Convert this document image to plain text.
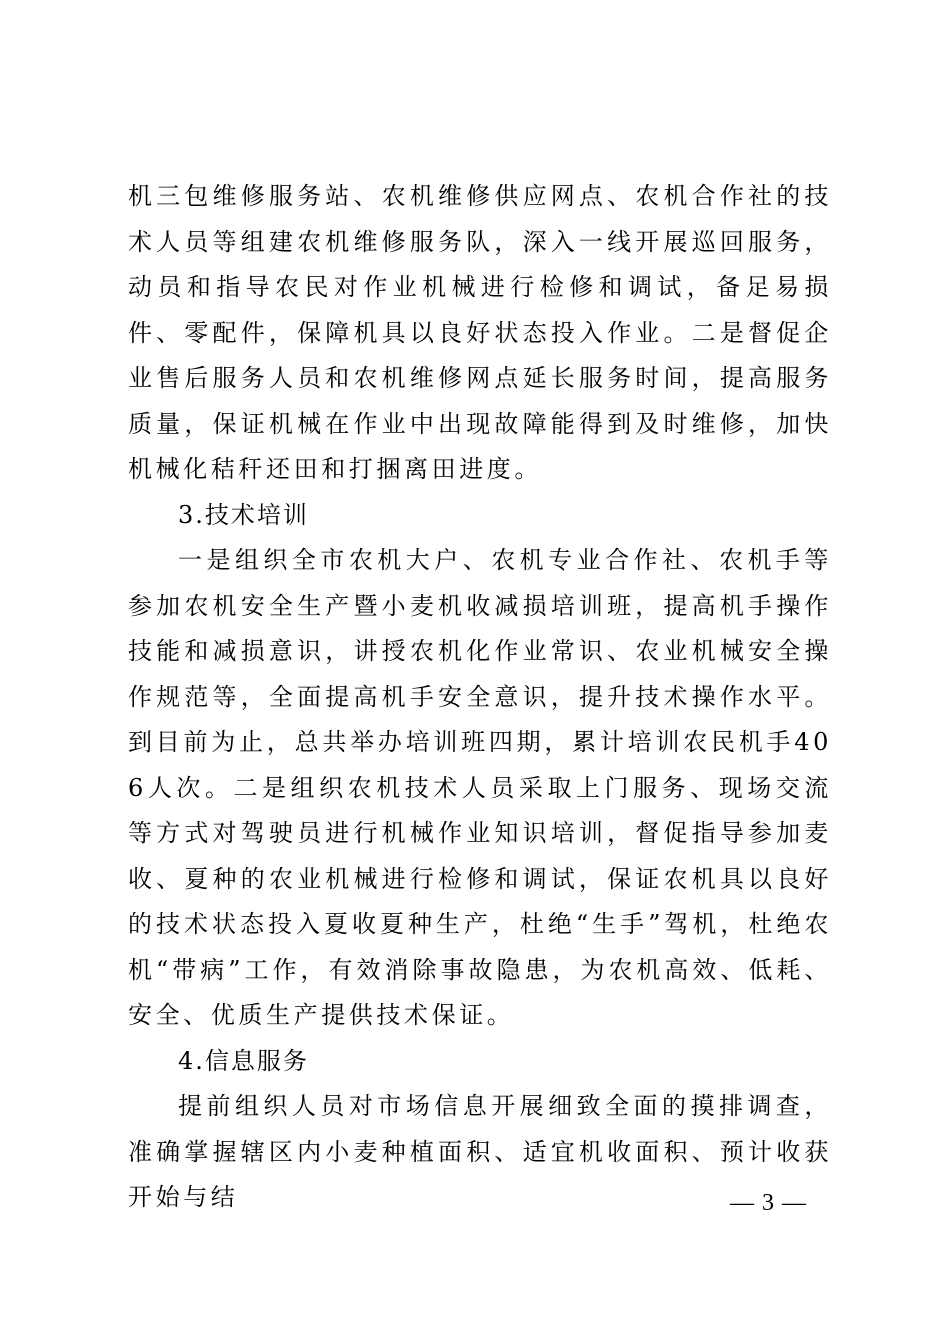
机三包维修服务站、农机维修供应网点、农机合作社的技术人员等组建农机维修服务队，深入一线开展巡回服务，动员和指导农民对作业机械进行检修和调试，备足易损件、零配件，保障机具以良好状态投入作业。二是督促企业售后服务人员和农机维修网点延长服务时间，提高服务质量，保证机械在作业中出现故障能得到及时维修，加快机械化秸秆还田和打捆离田进度。

3.技术培训

一是组织全市农机大户、农机专业合作社、农机手等参加农机安全生产暨小麦机收减损培训班，提高机手操作技能和减损意识，讲授农机化作业常识、农业机械安全操作规范等，全面提高机手安全意识，提升技术操作水平。到目前为止，总共举办培训班四期，累计培训农民机手406人次。二是组织农机技术人员采取上门服务、现场交流等方式对驾驶员进行机械作业知识培训，督促指导参加麦收、夏种的农业机械进行检修和调试，保证农机具以良好的技术状态投入夏收夏种生产，杜绝“生手”驾机，杜绝农机“带病”工作，有效消除事故隐患，为农机高效、低耗、安全、优质生产提供技术保证。

4.信息服务

提前组织人员对市场信息开展细致全面的摸排调查，准确掌握辖区内小麦种植面积、适宜机收面积、预计收获开始与结	— 3 —
